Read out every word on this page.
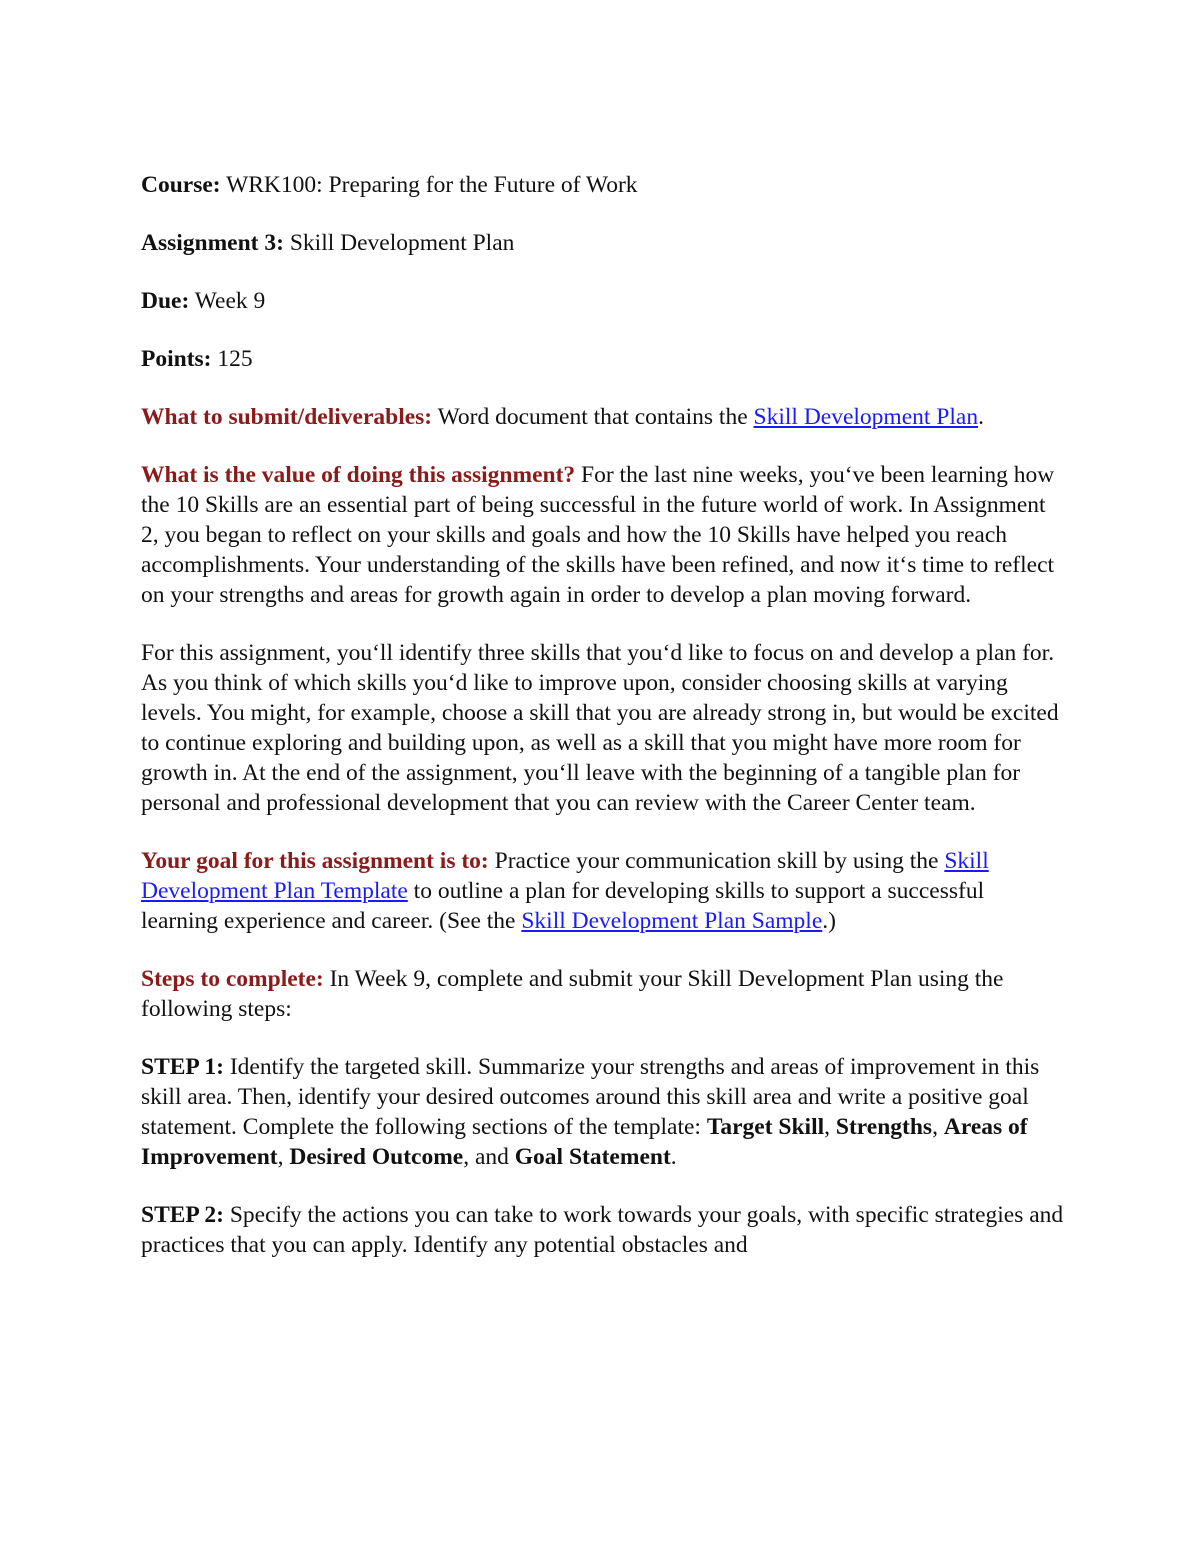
Course: WRK100: Preparing for the Future of Work

Assignment 3: Skill Development Plan

Due: Week 9

Points: 125

What to submit/deliverables: Word document that contains the Skill Development Plan.

What is the value of doing this assignment? For the last nine weeks, you‘ve been learning how the 10 Skills are an essential part of being successful in the future world of work. In Assignment 2, you began to reflect on your skills and goals and how the 10 Skills have helped you reach accomplishments. Your understanding of the skills have been refined, and now it‘s time to reflect on your strengths and areas for growth again in order to develop a plan moving forward.

For this assignment, you‘ll identify three skills that you‘d like to focus on and develop a plan for. As you think of which skills you‘d like to improve upon, consider choosing skills at varying levels. You might, for example, choose a skill that you are already strong in, but would be excited to continue exploring and building upon, as well as a skill that you might have more room for growth in. At the end of the assignment, you‘ll leave with the beginning of a tangible plan for personal and professional development that you can review with the Career Center team.

Your goal for this assignment is to: Practice your communication skill by using the Skill Development Plan Template to outline a plan for developing skills to support a successful learning experience and career. (See the Skill Development Plan Sample.)

Steps to complete: In Week 9, complete and submit your Skill Development Plan using the following steps:

STEP 1: Identify the targeted skill. Summarize your strengths and areas of improvement in this skill area. Then, identify your desired outcomes around this skill area and write a positive goal statement. Complete the following sections of the template: Target Skill, Strengths, Areas of Improvement, Desired Outcome, and Goal Statement.

STEP 2: Specify the actions you can take to work towards your goals, with specific strategies and practices that you can apply. Identify any potential obstacles and
